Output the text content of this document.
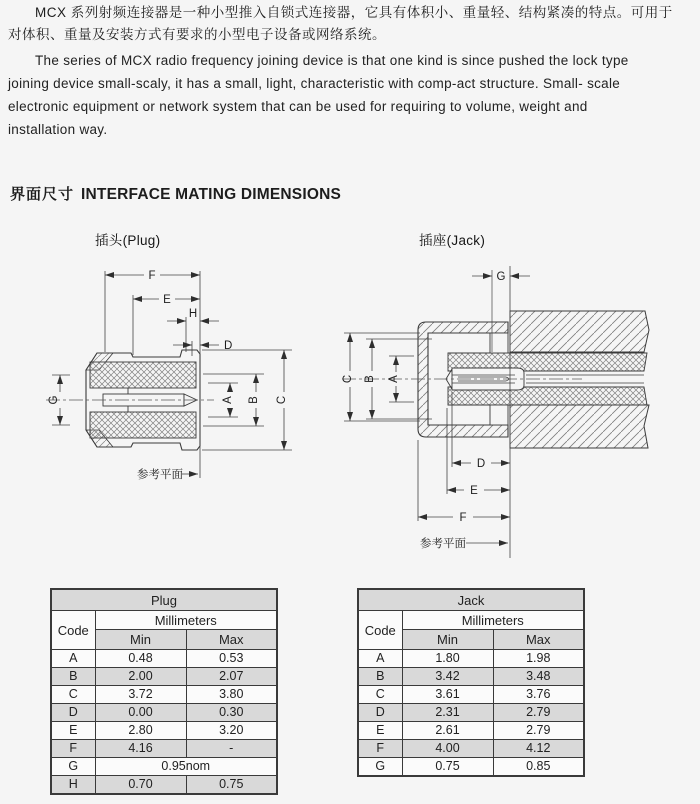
MCX 系列射频连接器是一种小型推入自锁式连接器，它具有体积小、重量轻、结构紧凑的特点。可用于
对体积、重量及安装方式有要求的小型电子设备或网络系统。
The series of MCX radio frequency joining device is that one kind is since pushed the lock type
joining device small-scaly, it has a small, light, characteristic with comp-act structure. Small- scale
electronic equipment or network system that can be used for requiring to volume, weight and
installation way.
界面尺寸 INTERFACE MATING DIMENSIONS
插头(Plug)	插座(Jack)
F
E
H
D
G	A B C
参考平面
G
C B A
D
E
F
参考平面
Plug		
Code	Millimeters	
	Min	Max
A	0.48	0.53
B	2.00	2.07
C	3.72	3.80
D	0.00	0.30
E	2.80	3.20
F	4.16	-
G	0.95nom	
H	0.70	0.75
Jack		
Code	Millimeters	
	Min	Max
A	1.80	1.98
B	3.42	3.48
C	3.61	3.76
D	2.31	2.79
E	2.61	2.79
F	4.00	4.12
G	0.75	0.85
